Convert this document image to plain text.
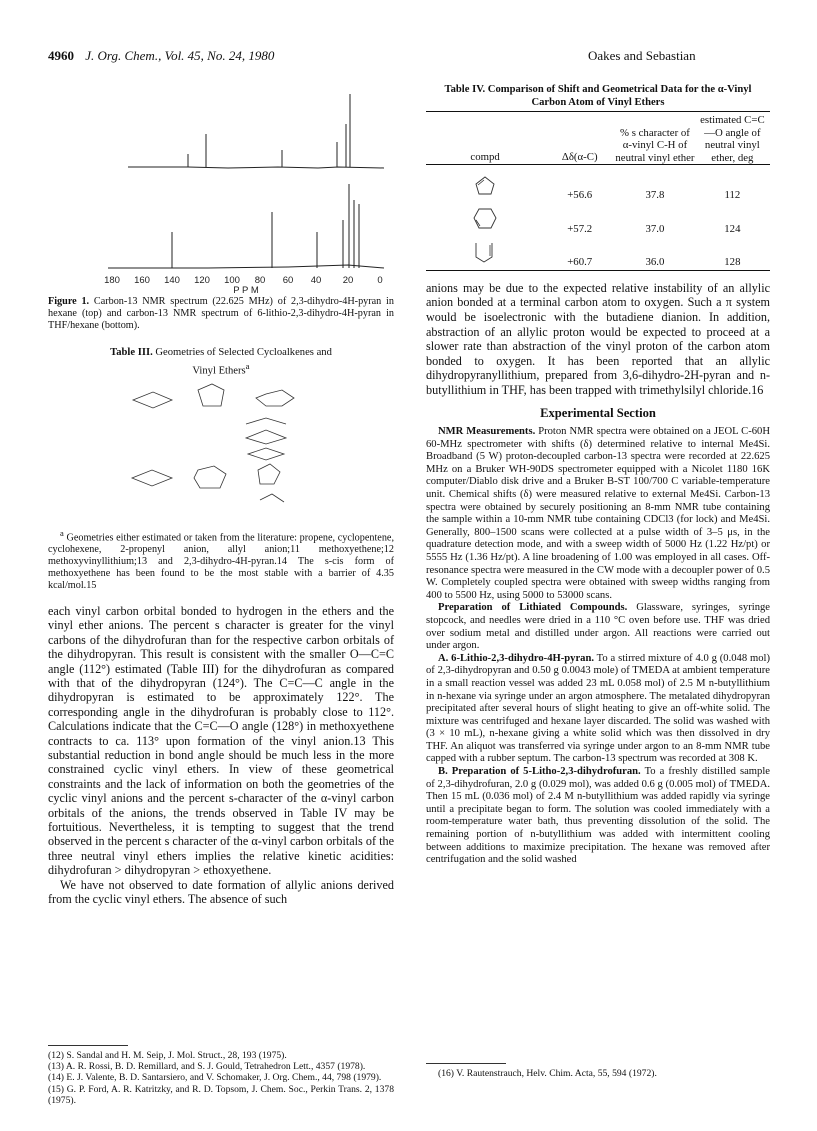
4960 J. Org. Chem., Vol. 45, No. 24, 1980	Oakes and Sebastian
180 160 140 120 100 80 60 40 20	0
P P M
Figure 1. Carbon-13 NMR spectrum (22.625 MHz) of 2,3-dihydro-4H-pyran in hexane (top) and carbon-13 NMR spectrum of 6-lithio-2,3-dihydro-4H-pyran in THF/hexane (bottom).
Table III. Geometries of Selected Cycloalkenes and Vinyl Ethers$^a$
$^a$ Geometries either estimated or taken from the literature: propene, cyclopentene, cyclohexene, 2-propenyl anion, allyl anion;11 methoxyethene;12 methoxyvinyllithium;13 and 2,3-dihydro-4H-pyran.14 The s-cis form of methoxyethene has been found to be the most stable with a barrier of 4.35 kcal/mol.15

each vinyl carbon orbital bonded to hydrogen in the ethers and the vinyl ether anions. The percent s character is greater for the vinyl carbons of the dihydrofuran than for the respective carbon orbitals of the dihydropyran. This result is consistent with the smaller O—C=C angle (112°) estimated (Table III) for the dihydrofuran as compared with that of the dihydropyran (124°). The C=C—C angle in the dihydropyran is estimated to be approximately 122°. The corresponding angle in the dihydrofuran is probably close to 112°. Calculations indicate that the C=C—O angle (128°) in methoxyethene contracts to ca. 113° upon formation of the vinyl anion.13 This substantial reduction in bond angle should be much less in the more constrained cyclic vinyl ethers. In view of these geometrical constraints and the lack of information on both the geometries of the cyclic vinyl anions and the percent s-character of the α-vinyl carbon orbitals of the anions, the trends observed in Table IV may be fortuitious. Nevertheless, it is tempting to suggest that the trend observed in the percent s character of the α-vinyl carbon orbitals of the three neutral vinyl ethers implies the relative kinetic acidities: dihydrofuran > dihydropyran > ethoxyethene.

We have not observed to date formation of allylic anions derived from the cyclic vinyl ethers. The absence of such

(12) S. Sandal and H. M. Seip, J. Mol. Struct., 28, 193 (1975).
(13) A. R. Rossi, B. D. Remillard, and S. J. Gould, Tetrahedron Lett., 4357 (1978).
(14) E. J. Valente, B. D. Santarsiero, and V. Schomaker, J. Org. Chem., 44, 798 (1979).
(15) G. P. Ford, A. R. Katritzky, and R. D. Topsom, J. Chem. Soc., Perkin Trans. 2, 1378 (1975).
Table IV. Comparison of Shift and Geometrical Data for the α-Vinyl Carbon Atom of Vinyl Ethers

compd	Δδ(α-C)	% s character of α-vinyl C-H of neutral vinyl ether	estimated C=C—O angle of neutral vinyl ether, deg

	+56.6	37.8	112
	+57.2	37.0	124
	+60.7	36.0	128

anions may be due to the expected relative instability of an allylic anion bonded at a terminal carbon atom to oxygen. Such a π system would be isoelectronic with the butadiene dianion. In addition, abstraction of an allylic proton would be expected to proceed at a slower rate than abstraction of the vinyl proton of the carbon atom bonded to oxygen. It has been reported that an allylic dihydropyranyllithium, prepared from 3,6-dihydro-2H-pyran and n-butyllithium in THF, has been trapped with trimethylsilyl chloride.16

Experimental Section

NMR Measurements. Proton NMR spectra were obtained on a JEOL C-60H 60-MHz spectrometer with shifts (δ) determined relative to internal Me4Si. Broadband (5 W) proton-decoupled carbon-13 spectra were recorded at 22.625 MHz on a Bruker WH-90DS spectrometer equipped with a Nicolet 1180 16K computer/Diablo disk drive and a Bruker B-ST 100/700 C variable-temperature unit. Chemical shifts (δ) were measured relative to external Me4Si. Carbon-13 spectra were obtained by securely positioning an 8-mm NMR tube containing the sample within a 10-mm NMR tube containing CDCl3 (for lock) and Me4Si. Generally, 800–1500 scans were collected at a pulse width of 3–5 μs, in the quadrature detection mode, and with a sweep width of 5000 Hz (1.22 Hz/pt) or 5555 Hz (1.36 Hz/pt). A line broadening of 1.00 was employed in all cases. Off-resonance spectra were measured in the CW mode with a decoupler power of 0.5 W. Completely coupled spectra were obtained with sweep widths ranging from 400 to 5500 Hz, using 5000 to 53000 scans.

Preparation of Lithiated Compounds. Glassware, syringes, syringe stopcock, and needles were dried in a 110 °C oven before use. THF was dried over sodium metal and distilled under argon. All reactions were carried out under argon.

A. 6-Lithio-2,3-dihydro-4H-pyran. To a stirred mixture of 4.0 g (0.048 mol) of 2,3-dihydropyran and 0.50 g 0.0043 mole) of TMEDA at ambient temperature in a small reaction vessel was added 23 mL 0.058 mol) of 2.5 M n-butyllithium in n-hexane via syringe under an argon atmosphere. The metalated dihydropyran precipitated after several hours of slight heating to give an off-white solid. The mixture was centrifuged and hexane layer discarded. The solid was washed with (3 × 10 mL), n-hexane giving a white solid which was then dissolved in dry THF. An aliquot was transferred via syringe under argon to an 8-mm NMR tube capped with a rubber septum. The carbon-13 spectrum was recorded at 308 K.

B. Preparation of 5-Litho-2,3-dihydrofuran. To a freshly distilled sample of 2,3-dihydrofuran, 2.0 g (0.029 mol), was added 0.6 g (0.005 mol) of TMEDA. Then 15 mL (0.036 mol) of 2.4 M n-butyllithium was added rapidly via syringe until a precipitate began to form. The solution was cooled immediately with a room-temperature water bath, thus preventing dissolution of the solid. The remaining portion of n-butyllithium was added with intermittent cooling between additions to maximize precipitation. The hexane was removed after centrifugation and the solid washed

(16) V. Rautenstrauch, Helv. Chim. Acta, 55, 594 (1972).
